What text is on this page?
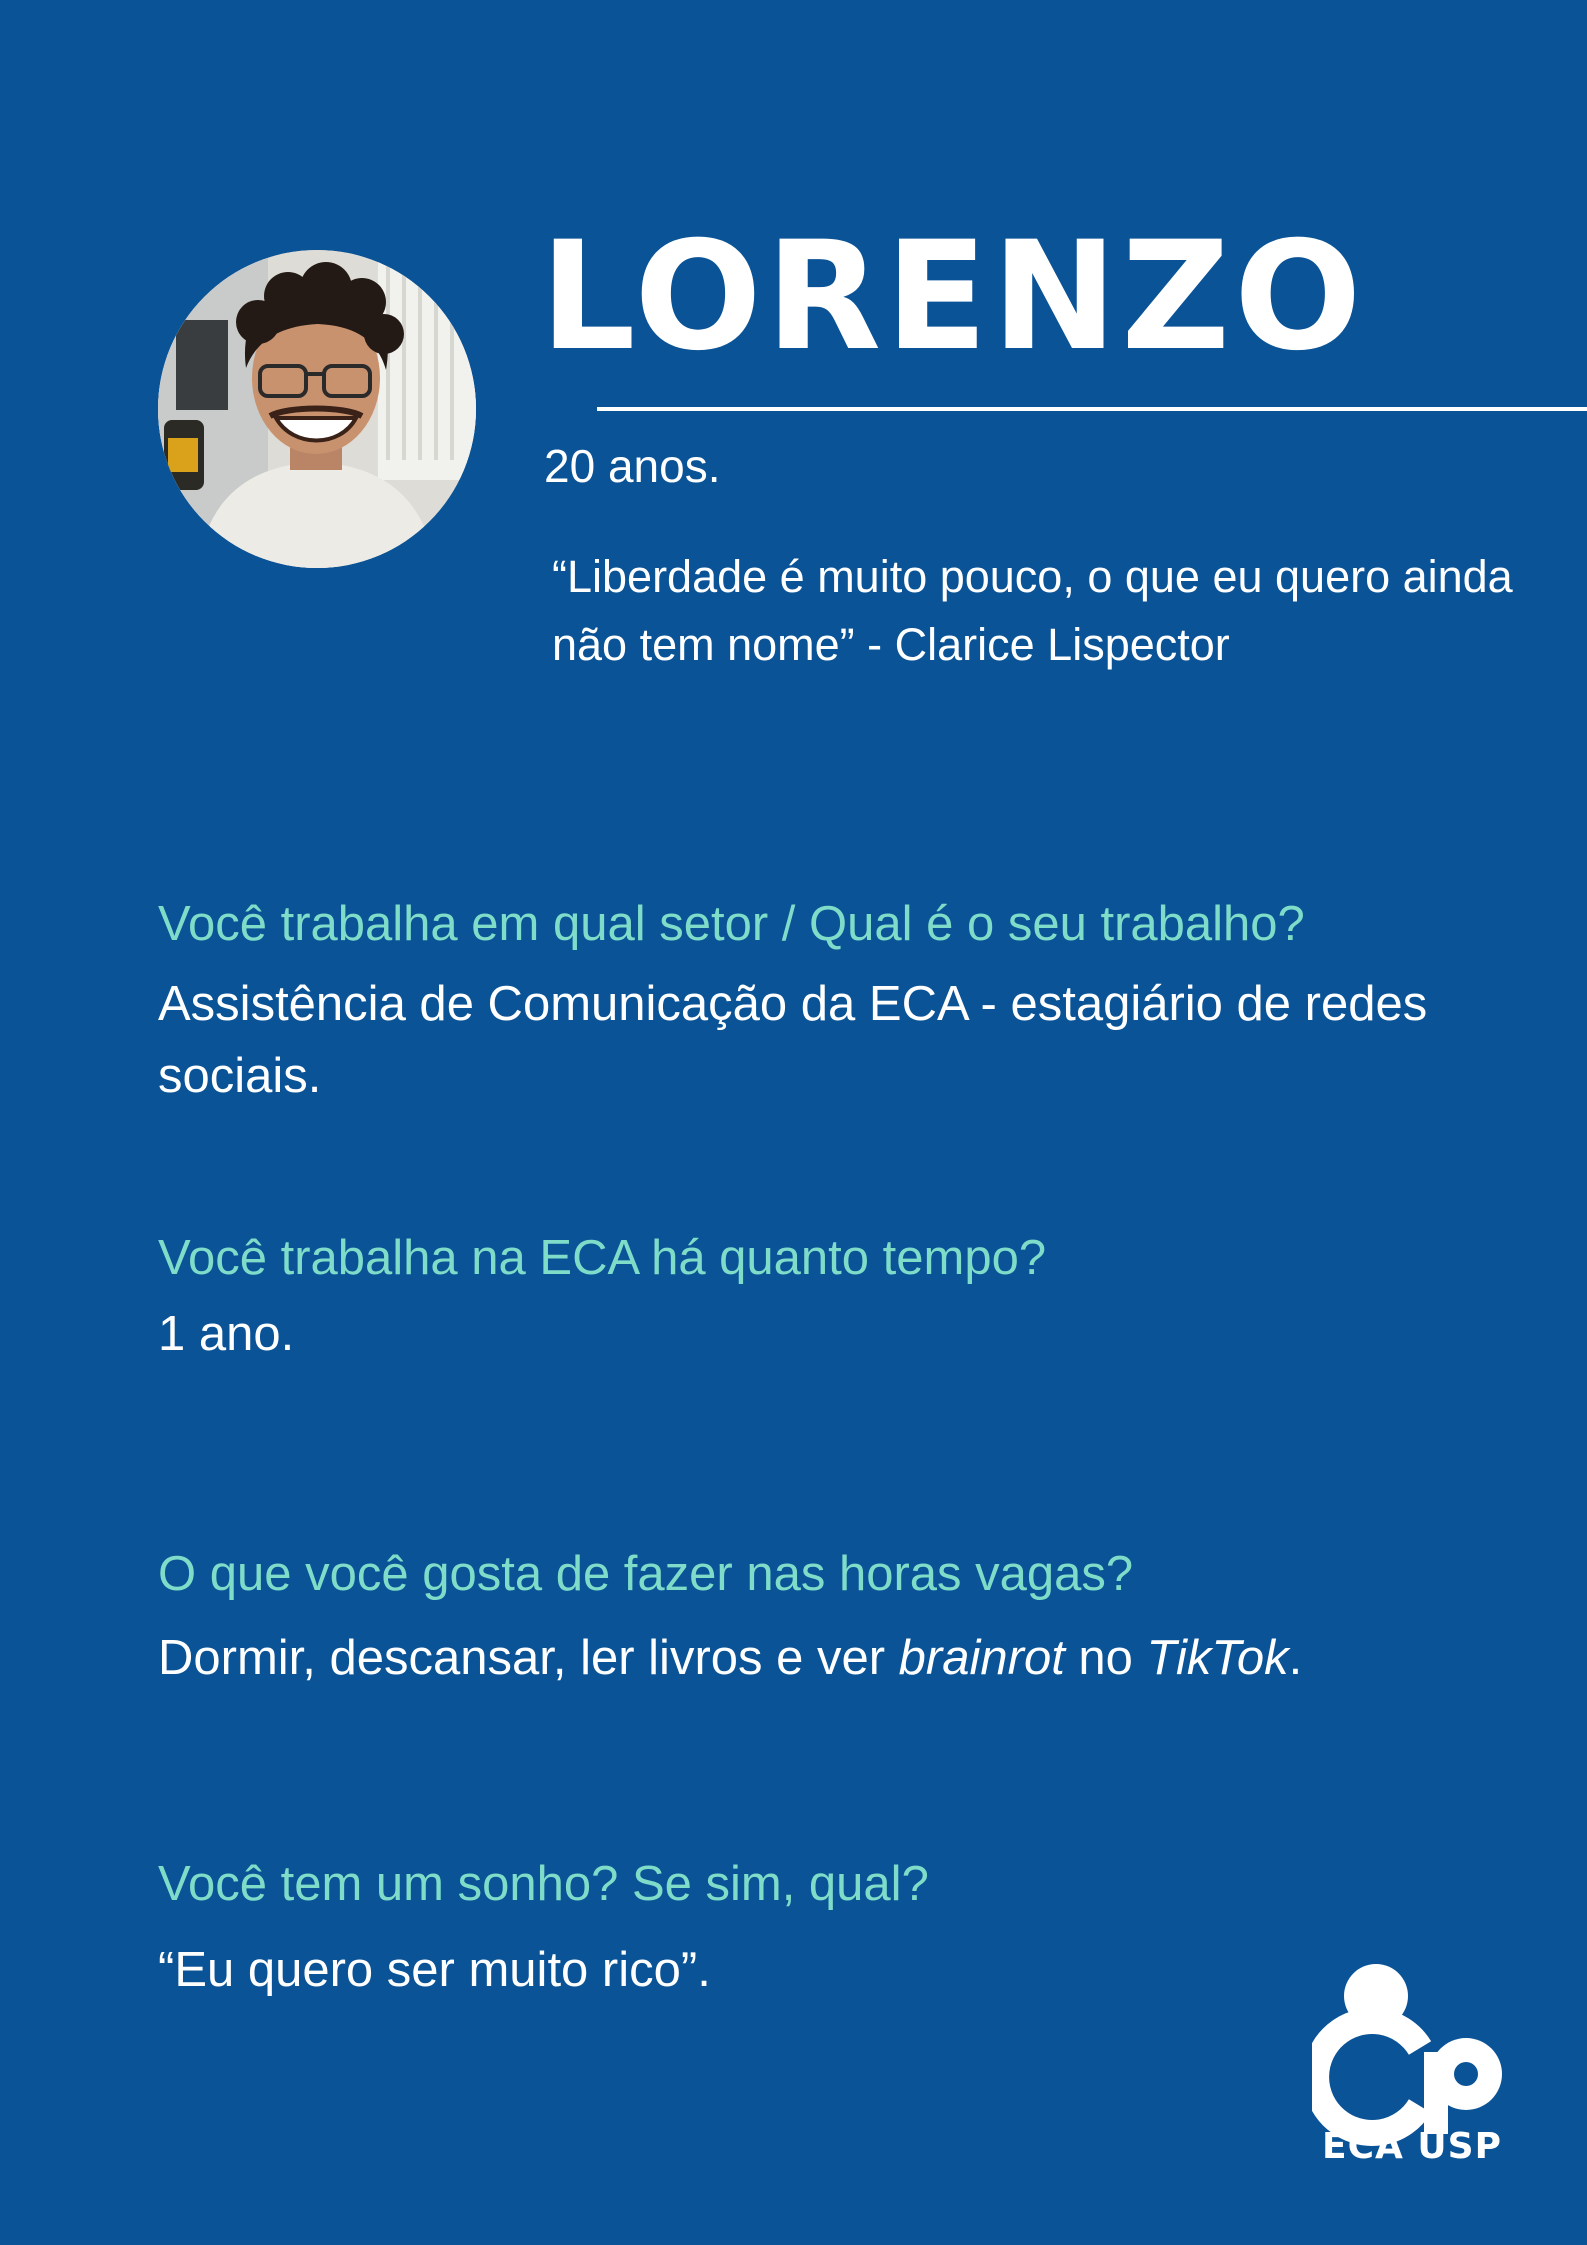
LORENZO

20 anos.

“Liberdade é muito pouco, o que eu quero ainda não tem nome” - Clarice Lispector

Você trabalha em qual setor / Qual é o seu trabalho?

Assistência de Comunicação da ECA - estagiário de redes sociais.

Você trabalha na ECA há quanto tempo?

1 ano.

O que você gosta de fazer nas horas vagas?

Dormir, descansar, ler livros e ver brainrot no TikTok.

Você tem um sonho? Se sim, qual?

“Eu quero ser muito rico”.

ECA USP
